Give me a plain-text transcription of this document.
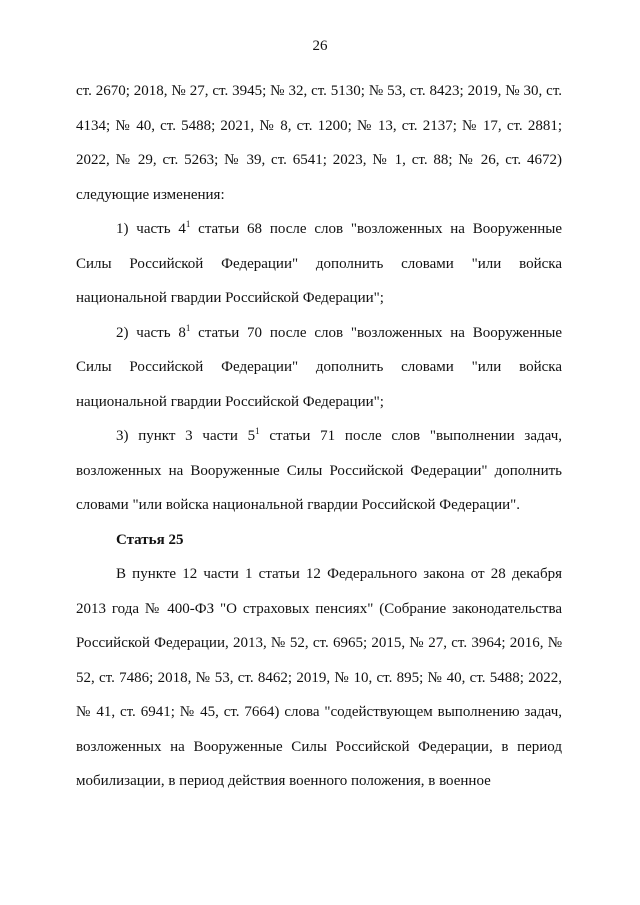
26

ст. 2670; 2018, № 27, ст. 3945; № 32, ст. 5130; № 53, ст. 8423; 2019, № 30, ст. 4134; № 40, ст. 5488; 2021, № 8, ст. 1200; № 13, ст. 2137; № 17, ст. 2881; 2022, № 29, ст. 5263; № 39, ст. 6541; 2023, № 1, ст. 88; № 26, ст. 4672) следующие изменения:

1) часть $4^1$ статьи 68 после слов "возложенных на Вооруженные Силы Российской Федерации" дополнить словами "или войска национальной гвардии Российской Федерации";

2) часть $8^1$ статьи 70 после слов "возложенных на Вооруженные Силы Российской Федерации" дополнить словами "или войска национальной гвардии Российской Федерации";

3) пункт 3 части $5^1$ статьи 71 после слов "выполнении задач, возложенных на Вооруженные Силы Российской Федерации" дополнить словами "или войска национальной гвардии Российской Федерации".

Статья 25

В пункте 12 части 1 статьи 12 Федерального закона от 28 декабря 2013 года № 400-ФЗ "О страховых пенсиях" (Собрание законодательства Российской Федерации, 2013, № 52, ст. 6965; 2015, № 27, ст. 3964; 2016, № 52, ст. 7486; 2018, № 53, ст. 8462; 2019, № 10, ст. 895; № 40, ст. 5488; 2022, № 41, ст. 6941; № 45, ст. 7664) слова "содействующем выполнению задач, возложенных на Вооруженные Силы Российской Федерации, в период мобилизации, в период действия военного положения, в военное
